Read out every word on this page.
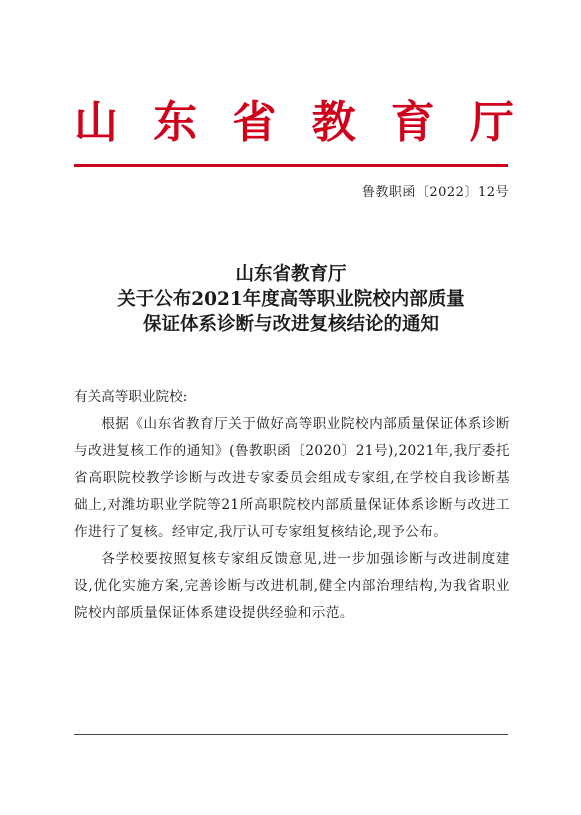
山 东 省 教 育 厅
鲁教职函〔2022〕12号
山东省教育厅
关于公布2021年度高等职业院校内部质量
保证体系诊断与改进复核结论的通知

有关高等职业院校:

根据《山东省教育厅关于做好高等职业院校内部质量保证体系诊断与改进复核工作的通知》(鲁教职函〔2020〕21号),2021年,我厅委托省高职院校教学诊断与改进专家委员会组成专家组,在学校自我诊断基础上,对潍坊职业学院等21所高职院校内部质量保证体系诊断与改进工作进行了复核。经审定,我厅认可专家组复核结论,现予公布。

各学校要按照复核专家组反馈意见,进一步加强诊断与改进制度建设,优化实施方案,完善诊断与改进机制,健全内部治理结构,为我省职业院校内部质量保证体系建设提供经验和示范。
